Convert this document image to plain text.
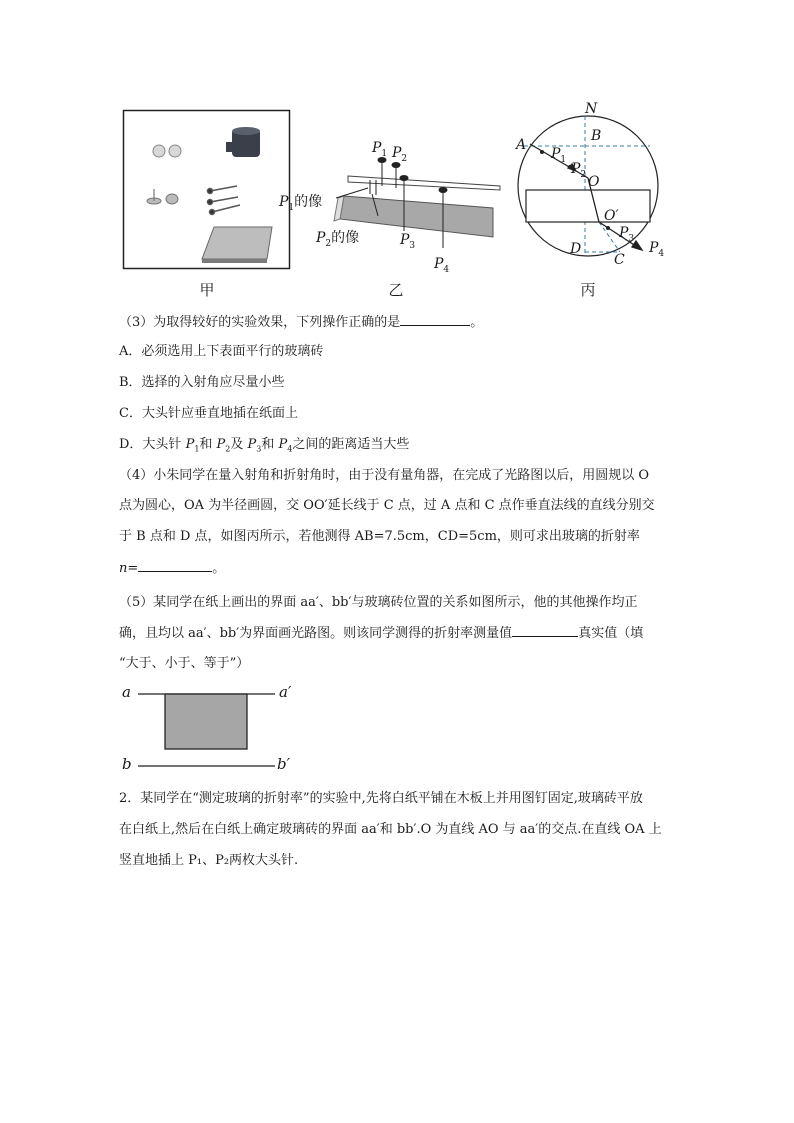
甲
$P_1$ $P_2$
$P_1$的像
$P_2$的像	$P_3$
$P_4$
乙
N
A
B
$P_1$
$P_2$ O
O′
$P_3$
D
C
$P_4$
丙
（3）为取得较好的实验效果，下列操作正确的是	。
A．必须选用上下表面平行的玻璃砖
B．选择的入射角应尽量小些
C．大头针应垂直地插在纸面上
D．大头针 $P_1$和 $P_2$及 $P_3$和 $P_4$之间的距离适当大些
（4）小朱同学在量入射角和折射角时，由于没有量角器，在完成了光路图以后，用圆规以 O
点为圆心，OA 为半径画圆，交 OO′延长线于 C 点，过 A 点和 C 点作垂直法线的直线分别交
于 B 点和 D 点，如图丙所示，若他测得 AB=7.5cm，CD=5cm，则可求出玻璃的折射率
n=	。
（5）某同学在纸上画出的界面 aa′、bb′与玻璃砖位置的关系如图所示，他的其他操作均正
确，且均以 aa′、bb′为界面画光路图。则该同学测得的折射率测量值	真实值（填
“大于、小于、等于”）
a	a′
b	b′
2．某同学在“测定玻璃的折射率”的实验中,先将白纸平铺在木板上并用图钉固定,玻璃砖平放
在白纸上,然后在白纸上确定玻璃砖的界面 aa′和 bb′.O 为直线 AO 与 aa′的交点.在直线 OA 上
竖直地插上 P₁、P₂两枚大头针.
